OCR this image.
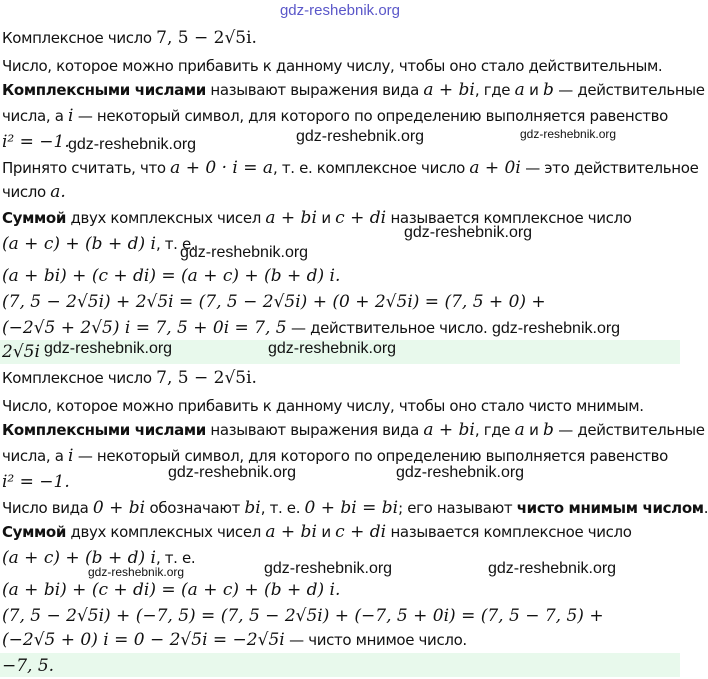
gdz-reshebnik.org
Комплексное число 7, 5 − 2√5i.
Число, которое можно прибавить к данному числу, чтобы оно стало действительным.
Комплексными числами называют выражения вида a + bi, где a и b — действительные
числа, а i — некоторый символ, для которого по определению выполняется равенство
i² = −1.
Принято считать, что a + 0 · i = a, т. е. комплексное число a + 0i — это действительное
число a.
Суммой двух комплексных чисел a + bi и c + di называется комплексное число
(a + c) + (b + d) i, т. е.
(a + bi) + (c + di) = (a + c) + (b + d) i.
(7, 5 − 2√5i) + 2√5i = (7, 5 − 2√5i) + (0 + 2√5i) = (7, 5 + 0) +
(−2√5 + 2√5) i = 7, 5 + 0i = 7, 5 — действительное число.
2√5i
Комплексное число 7, 5 − 2√5i.
Число, которое можно прибавить к данному числу, чтобы оно стало чисто мнимым.
Комплексными числами называют выражения вида a + bi, где a и b — действительные
числа, а i — некоторый символ, для которого по определению выполняется равенство
i² = −1.
Число вида 0 + bi обозначают bi, т. е. 0 + bi = bi; его называют чисто мнимым числом.
Суммой двух комплексных чисел a + bi и c + di называется комплексное число
(a + c) + (b + d) i, т. е.
(a + bi) + (c + di) = (a + c) + (b + d) i.
(7, 5 − 2√5i) + (−7, 5) = (7, 5 − 2√5i) + (−7, 5 + 0i) = (7, 5 − 7, 5) +
(−2√5 + 0) i = 0 − 2√5i = −2√5i — чисто мнимое число.
−7, 5.
gdz-reshebnik.org	gdz-reshebnik.org	gdz-reshebnik.org
gdz-reshebnik.org
gdz-reshebnik.org
gdz-reshebnik.org
gdz-reshebnik.org	gdz-reshebnik.org
gdz-reshebnik.org	gdz-reshebnik.org
gdz-reshebnik.org	gdz-reshebnik.org	gdz-reshebnik.org
